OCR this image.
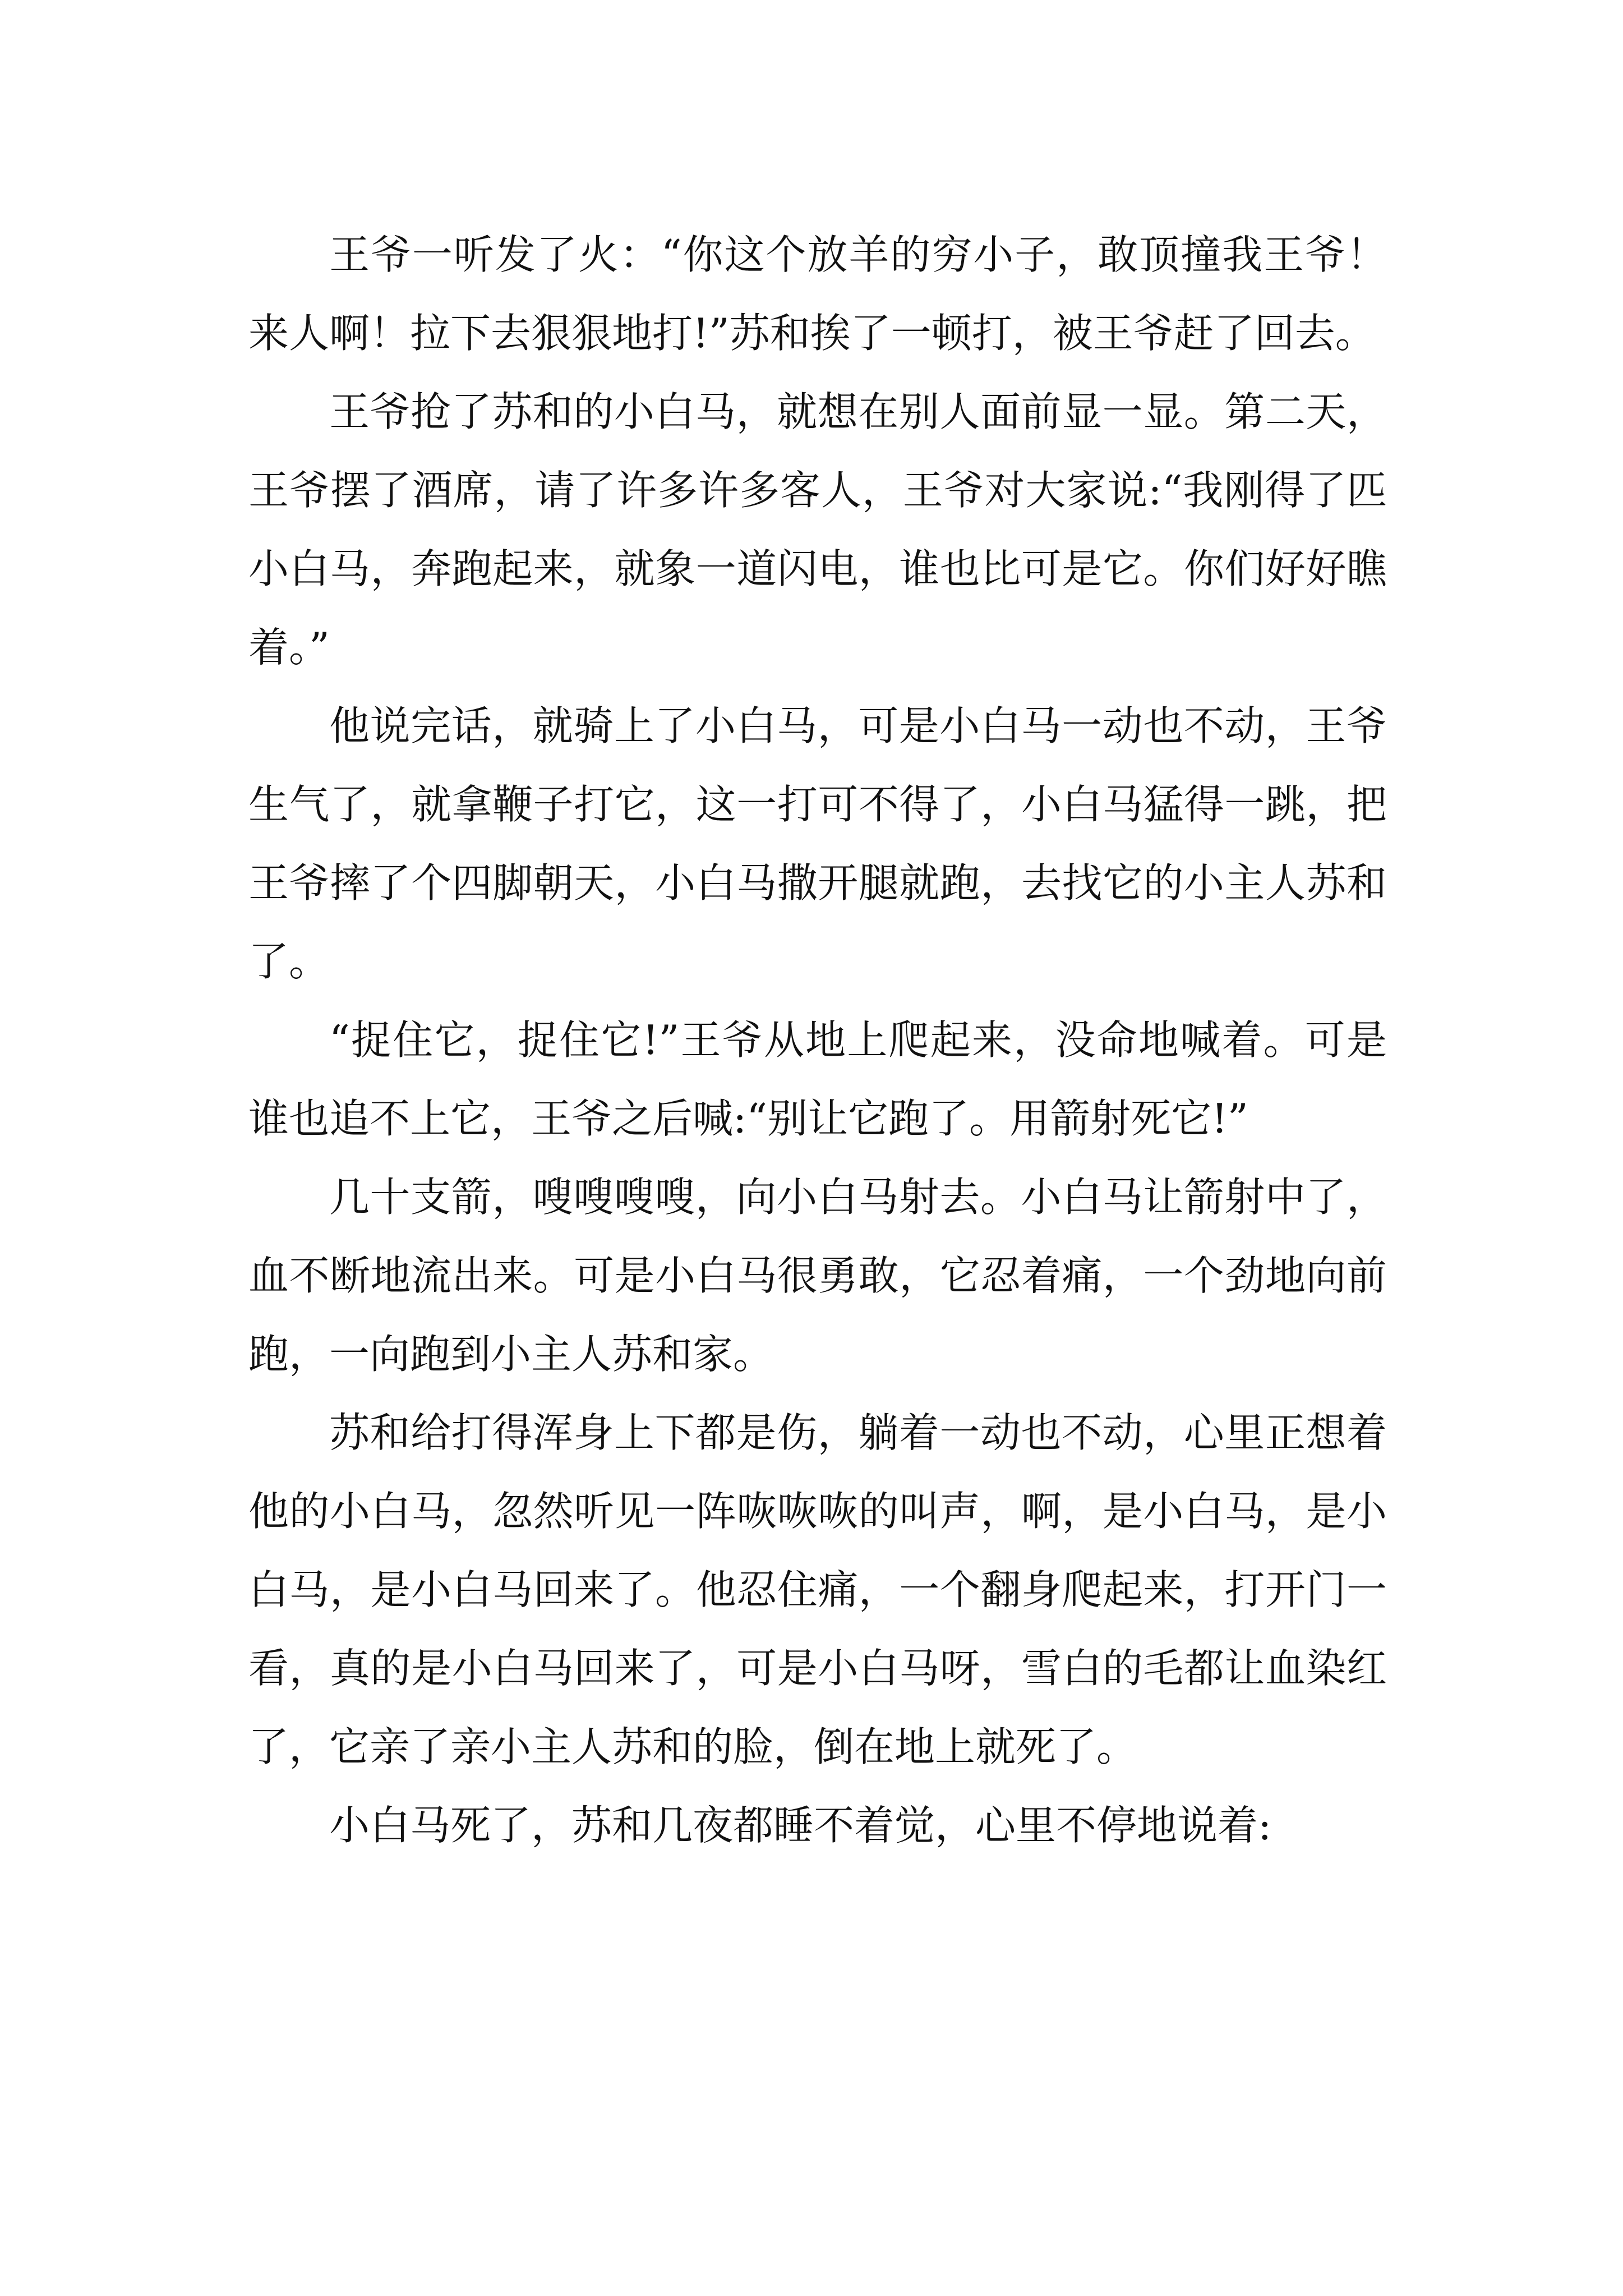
王爷一听发了火：“你这个放羊的穷小子，敢顶撞我王爷！来人啊！拉下去狠狠地打!”苏和挨了一顿打，被王爷赶了回去。

王爷抢了苏和的小白马，就想在别人面前显一显。第二天，王爷摆了酒席，请了许多许多客人，王爷对大家说:“我刚得了匹小白马，奔跑起来，就象一道闪电，谁也比可是它。你们好好瞧着。”

他说完话，就骑上了小白马，可是小白马一动也不动，王爷生气了，就拿鞭子打它，这一打可不得了，小白马猛得一跳，把王爷摔了个四脚朝天，小白马撒开腿就跑，去找它的小主人苏和了。

“捉住它，捉住它!”王爷从地上爬起来，没命地喊着。可是谁也追不上它，王爷之后喊:“别让它跑了。用箭射死它!”

几十支箭，嗖嗖嗖嗖，向小白马射去。小白马让箭射中了，血不断地流出来。可是小白马很勇敢，它忍着痛，一个劲地向前跑，一向跑到小主人苏和家。

苏和给打得浑身上下都是伤，躺着一动也不动，心里正想着他的小白马，忽然听见一阵咴咴咴的叫声，啊，是小白马，是小白马，是小白马回来了。他忍住痛，一个翻身爬起来，打开门一看，真的是小白马回来了，可是小白马呀，雪白的毛都让血染红了，它亲了亲小主人苏和的脸，倒在地上就死了。

小白马死了，苏和几夜都睡不着觉，心里不停地说着:
